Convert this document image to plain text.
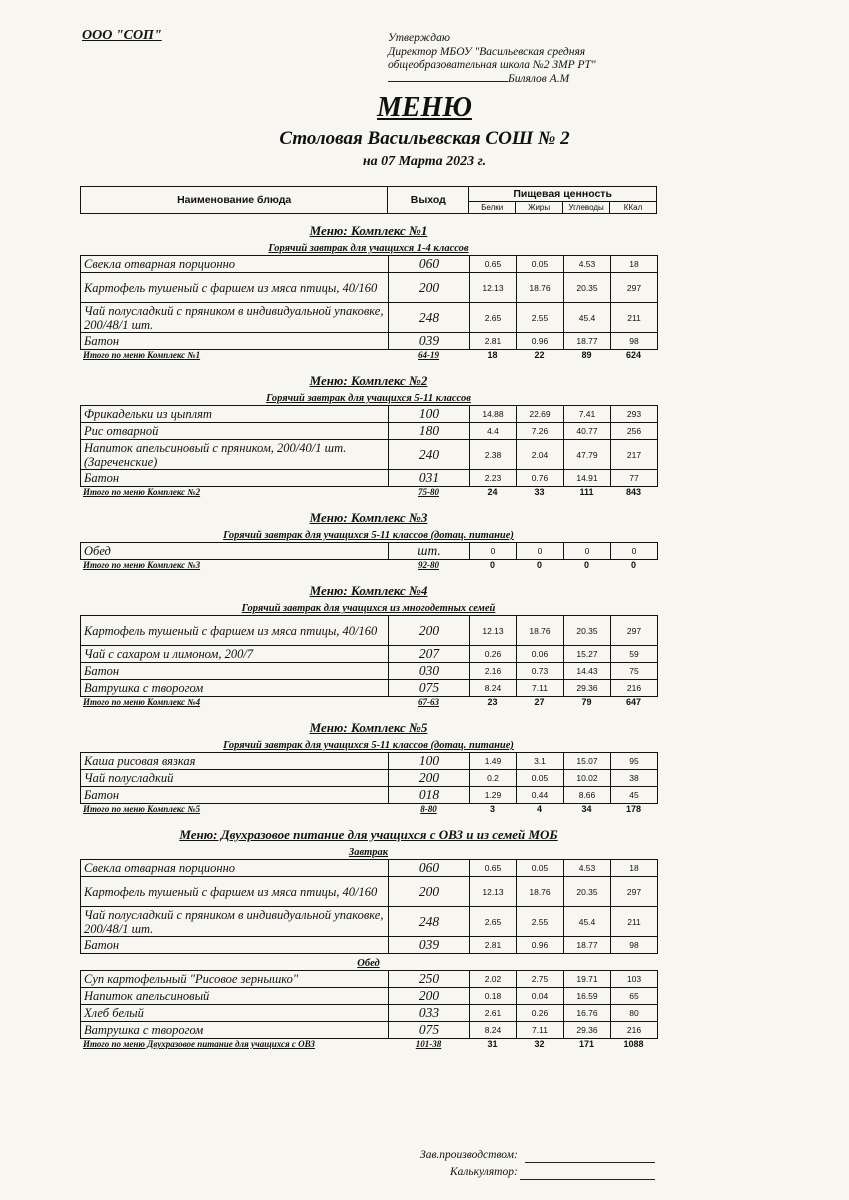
ООО "СОП"	Утверждаю
Директор МБОУ "Васильевская средняя
общеобразовательная школа №2 ЗМР РТ"
Билялов А.М
МЕНЮ
Столовая Васильевская СОШ № 2
на 07 Марта 2023 г.
Наименование блюда	Выход	Пищевая ценность			
		Белки	Жиры	Углеводы	ККал
Меню: Комплекс №1
Горячий завтрак для учащихся 1-4 классов
Свекла отварная порционно	060	0.65	0.05	4.53	18
Картофель тушеный с фаршем из мяса птицы, 40/160	200	12.13	18.76	20.35	297
Чай полусладкий с пряником в индивидуальной упаковке, 200/48/1 шт.	248	2.65	2.55	45.4	211
Батон	039	2.81	0.96	18.77	98
Итого по меню Комплекс №1	64-19	18	22	89	624
Меню: Комплекс №2
Горячий завтрак для учащихся 5-11 классов
Фрикадельки из цыплят	100	14.88	22.69	7.41	293
Рис отварной	180	4.4	7.26	40.77	256
Напиток апельсиновый с пряником, 200/40/1 шт. (Зареченские)	240	2.38	2.04	47.79	217
Батон	031	2.23	0.76	14.91	77
Итого по меню Комплекс №2	75-80	24	33	111	843
Меню: Комплекс №3
Горячий завтрак для учащихся 5-11 классов (дотац. питание)
Обед	шт.	0	0	0	0
Итого по меню Комплекс №3	92-80	0	0	0	0
Меню: Комплекс №4
Горячий завтрак для учащихся из многодетных семей
Картофель тушеный с фаршем из мяса птицы, 40/160	200	12.13	18.76	20.35	297
Чай с сахаром и лимоном, 200/7	207	0.26	0.06	15.27	59
Батон	030	2.16	0.73	14.43	75
Ватрушка с творогом	075	8.24	7.11	29.36	216
Итого по меню Комплекс №4	67-63	23	27	79	647
Меню: Комплекс №5
Горячий завтрак для учащихся 5-11 классов (дотац. питание)
Каша рисовая вязкая	100	1.49	3.1	15.07	95
Чай полусладкий	200	0.2	0.05	10.02	38
Батон	018	1.29	0.44	8.66	45
Итого по меню Комплекс №5	8-80	3	4	34	178
Меню: Двухразовое питание для учащихся с ОВЗ и из семей МОБ
Завтрак
Свекла отварная порционно	060	0.65	0.05	4.53	18
Картофель тушеный с фаршем из мяса птицы, 40/160	200	12.13	18.76	20.35	297
Чай полусладкий с пряником в индивидуальной упаковке, 200/48/1 шт.	248	2.65	2.55	45.4	211
Батон	039	2.81	0.96	18.77	98
Обед
Суп картофельный "Рисовое зернышко"	250	2.02	2.75	19.71	103
Напиток апельсиновый	200	0.18	0.04	16.59	65
Хлеб белый	033	2.61	0.26	16.76	80
Ватрушка с творогом	075	8.24	7.11	29.36	216
Итого по меню Двухразовое питание для учащихся с ОВЗ	101-38	31	32	171	1088
Зав.производством:
Калькулятор:
